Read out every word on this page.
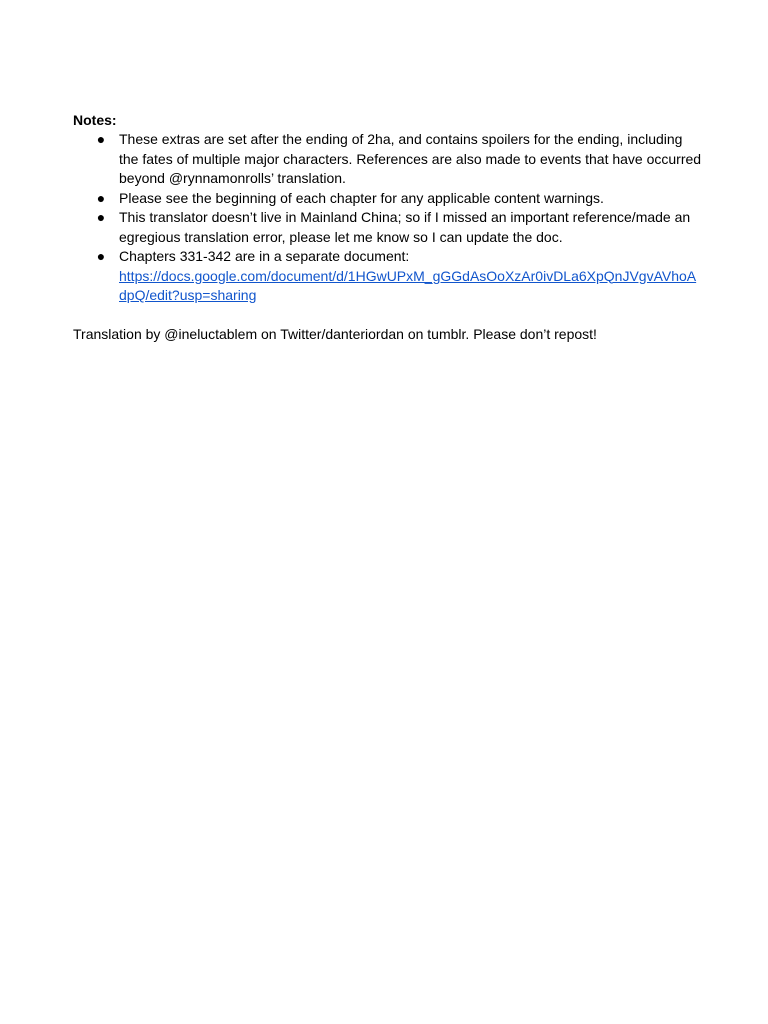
Notes:
● These extras are set after the ending of 2ha, and contains spoilers for the ending, including the fates of multiple major characters. References are also made to events that have occurred beyond @rynnamonrolls’ translation.
● Please see the beginning of each chapter for any applicable content warnings.
● This translator doesn’t live in Mainland China; so if I missed an important reference/made an egregious translation error, please let me know so I can update the doc.
● Chapters 331-342 are in a separate document:
https://docs.google.com/document/d/1HGwUPxM_gGGdAsOoXzAr0ivDLa6XpQnJVgvAVhoAdpQ/edit?usp=sharing
Translation by @ineluctablem on Twitter/danteriordan on tumblr. Please don’t repost!
